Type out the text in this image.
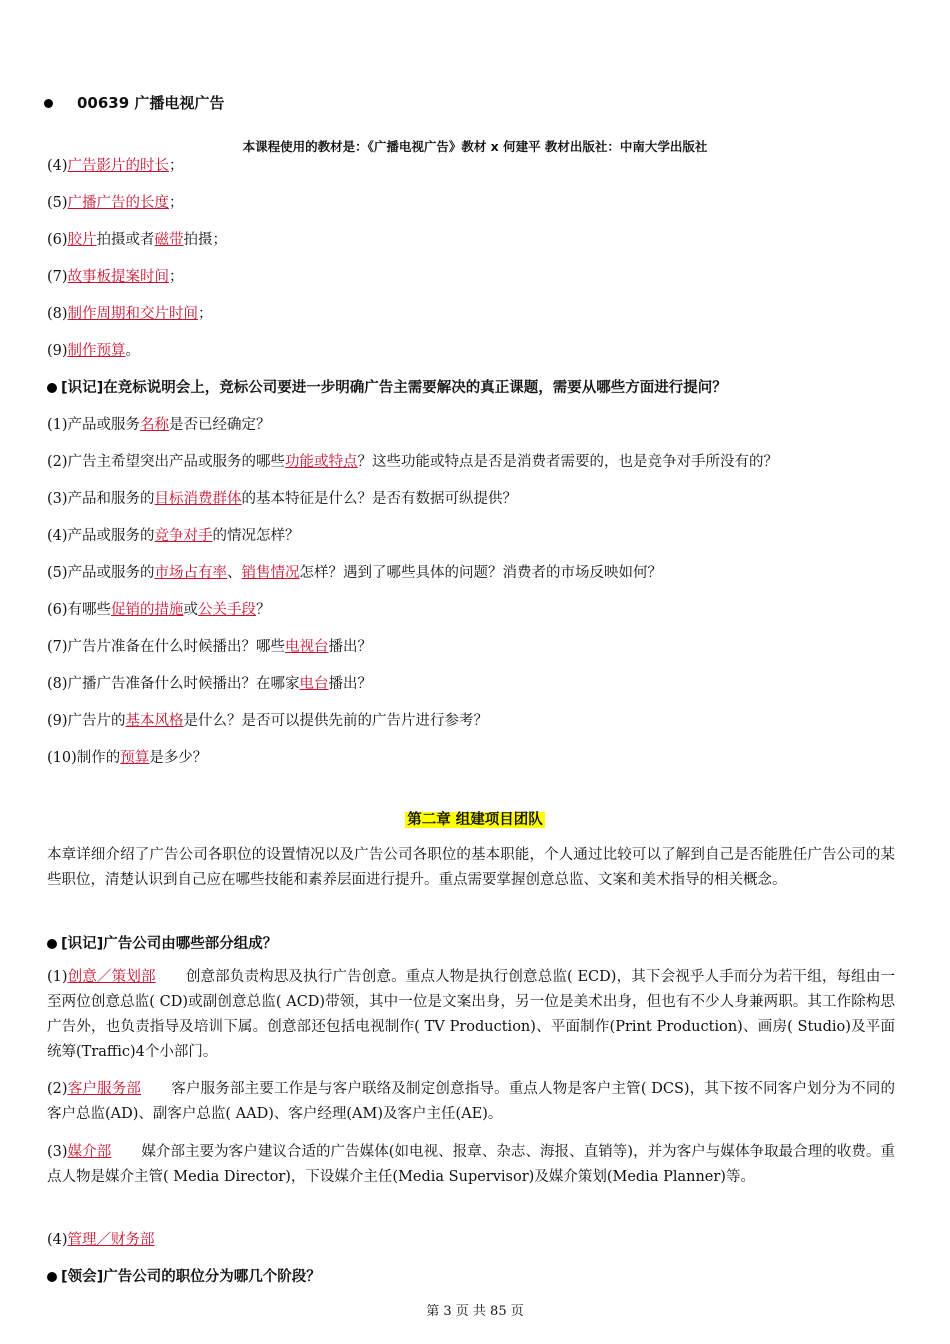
00639 广播电视广告
本课程使用的教材是：《广播电视广告》教材 x 何建平 教材出版社：中南大学出版社
(4)广告影片的时长；
(5)广播广告的长度；
(6)胶片拍摄或者磁带拍摄；
(7)故事板提案时间；
(8)制作周期和交片时间；
(9)制作预算。
[识记]在竞标说明会上，竞标公司要进一步明确广告主需要解决的真正课题，需要从哪些方面进行提问？
(1)产品或服务名称是否已经确定？
(2)广告主希望突出产品或服务的哪些功能或特点？这些功能或特点是否是消费者需要的，也是竞争对手所没有的？
(3)产品和服务的目标消费群体的基本特征是什么？是否有数据可纵提供？
(4)产品或服务的竞争对手的情况怎样？
(5)产品或服务的市场占有率、销售情况怎样？遇到了哪些具体的问题？消费者的市场反映如何？
(6)有哪些促销的措施或公关手段？
(7)广告片准备在什么时候播出？哪些电视台播出？
(8)广播广告准备什么时候播出？在哪家电台播出？
(9)广告片的基本风格是什么？是否可以提供先前的广告片进行参考？
(10)制作的预算是多少？
第二章 组建项目团队
本章详细介绍了广告公司各职位的设置情况以及广告公司各职位的基本职能，个人通过比较可以了解到自己是否能胜任广告公司的某些职位，清楚认识到自己应在哪些技能和素养层面进行提升。重点需要掌握创意总监、文案和美术指导的相关概念。
[识记]广告公司由哪些部分组成？
(1)创意／策划部 创意部负责构思及执行广告创意。重点人物是执行创意总监( ECD)，其下会视乎人手而分为若干组，每组由一至两位创意总监( CD)或副创意总监( ACD)带领，其中一位是文案出身，另一位是美术出身，但也有不少人身兼两职。其工作除构思广告外，也负责指导及培训下属。创意部还包括电视制作( TV Production)、平面制作(Print Production)、画房( Studio)及平面统筹(Traffic)4个小部门。
(2)客户服务部 客户服务部主要工作是与客户联络及制定创意指导。重点人物是客户主管( DCS)，其下按不同客户划分为不同的客户总监(AD)、副客户总监( AAD)、客户经理(AM)及客户主任(AE)。
(3)媒介部 媒介部主要为客户建议合适的广告媒体(如电视、报章、杂志、海报、直销等)，并为客户与媒体争取最合理的收费。重点人物是媒介主管( Media Director)，下设媒介主任(Media Supervisor)及媒介策划(Media Planner)等。
(4)管理／财务部
[领会]广告公司的职位分为哪几个阶段？
第 3 页 共 85 页
